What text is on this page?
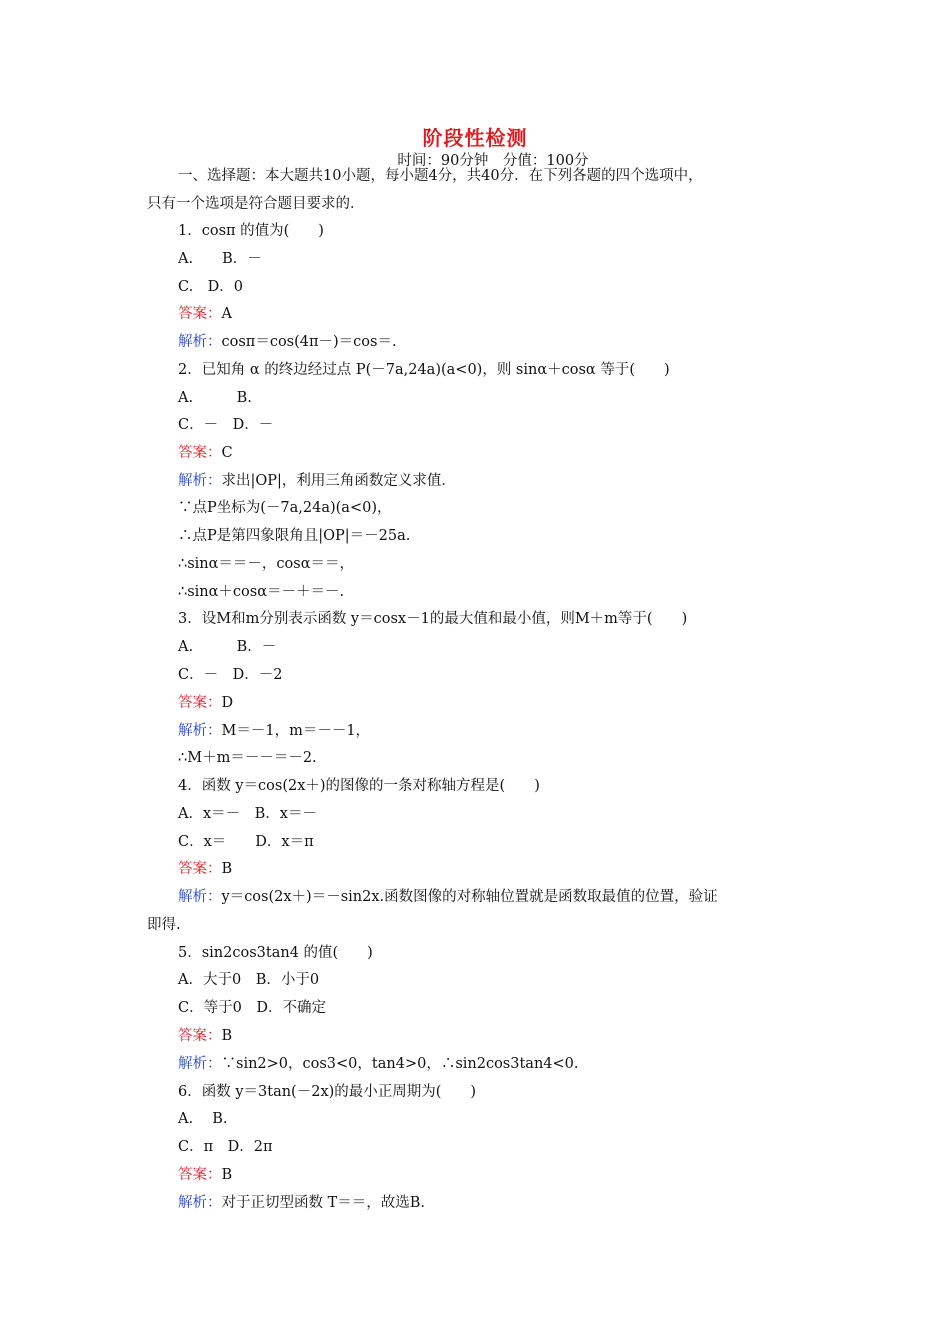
阶段性检测
时间：90分钟　分值：100分
一、选择题：本大题共10小题，每小题4分，共40分．在下列各题的四个选项中，
只有一个选项是符合题目要求的．
1．cosπ 的值为(　　)
A.　　B．－
C.　D．0
答案：A
解析：cosπ＝cos(4π－)＝cos＝.
2．已知角 α 的终边经过点 P(－7a,24a)(a<0)，则 sinα＋cosα 等于(　　)
A.　　　B.
C．－　D．－
答案：C
解析：求出|OP|，利用三角函数定义求值．
∵点P坐标为(－7a,24a)(a<0)，
∴点P是第四象限角且|OP|＝－25a.
∴sinα＝＝－，cosα＝＝，
∴sinα＋cosα＝－＋＝－.
3．设M和m分别表示函数 y＝cosx－1的最大值和最小值，则M＋m等于(　　)
A.　　　B．－
C．－　D．－2
答案：D
解析：M＝－1，m＝－－1，
∴M＋m＝－－＝－2.
4．函数 y＝cos(2x＋)的图像的一条对称轴方程是(　　)
A．x＝－　B．x＝－
C．x＝　　D．x＝π
答案：B
解析：y＝cos(2x＋)＝－sin2x.函数图像的对称轴位置就是函数取最值的位置，验证
即得.
5．sin2cos3tan4 的值(　　)
A．大于0　B．小于0
C．等于0　D．不确定
答案：B
解析：∵sin2>0，cos3<0，tan4>0，∴sin2cos3tan4<0.
6．函数 y＝3tan(－2x)的最小正周期为(　　)
A.　 B.
C．π　D．2π
答案：B
解析：对于正切型函数 T＝＝，故选B.
